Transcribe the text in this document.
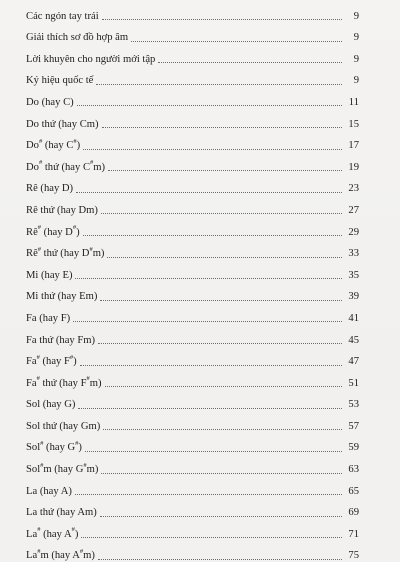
Các ngón tay trái	9
Giải thích sơ đồ hợp âm	9
Lời khuyên cho người mới tập	9
Ký hiệu quốc tế	9
Do (hay C)	11
Do thứ (hay Cm)	15
Do# (hay C#)	17
Do# thứ (hay C#m)	19
Rê (hay D)	23
Rê thứ (hay Dm)	27
Rê# (hay D#)	29
Rê# thứ (hay D#m)	33
Mi (hay E)	35
Mi thứ (hay Em)	39
Fa (hay F)	41
Fa thứ (hay Fm)	45
Fa# (hay F#)	47
Fa# thứ (hay F#m)	51
Sol (hay G)	53
Sol thứ (hay Gm)	57
Sol# (hay G#)	59
Sol#m (hay G#m)	63
La (hay A)	65
La thứ (hay Am)	69
La# (hay A#)	71
La#m (hay A#m)	75
